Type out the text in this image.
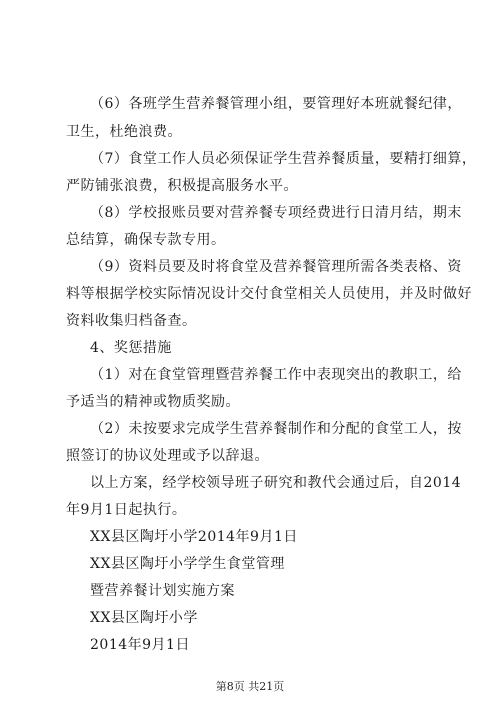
（6）各班学生营养餐管理小组，要管理好本班就餐纪律，
卫生，杜绝浪费。
（7）食堂工作人员必须保证学生营养餐质量，要精打细算，
严防铺张浪费，积极提高服务水平。
（8）学校报账员要对营养餐专项经费进行日清月结，期末
总结算，确保专款专用。
（9）资料员要及时将食堂及营养餐管理所需各类表格、资
料等根据学校实际情况设计交付食堂相关人员使用，并及时做好
资料收集归档备查。
4、奖惩措施
（1）对在食堂管理暨营养餐工作中表现突出的教职工，给
予适当的精神或物质奖励。
（2）未按要求完成学生营养餐制作和分配的食堂工人，按
照签订的协议处理或予以辞退。
以上方案，经学校领导班子研究和教代会通过后，自2014
年9月1日起执行。
XX县区陶圩小学2014年9月1日
XX县区陶圩小学学生食堂管理
暨营养餐计划实施方案
XX县区陶圩小学
2014年9月1日
第8页 共21页
